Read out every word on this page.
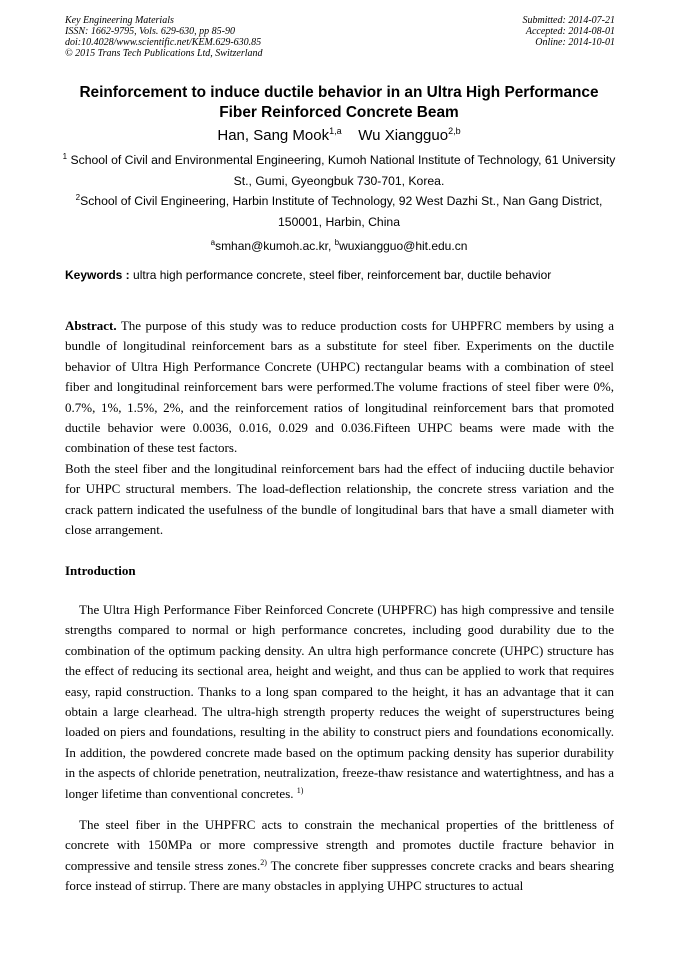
Key Engineering Materials
ISSN: 1662-9795, Vols. 629-630, pp 85-90
doi:10.4028/www.scientific.net/KEM.629-630.85
© 2015 Trans Tech Publications Ltd, Switzerland
Submitted: 2014-07-21
Accepted: 2014-08-01
Online: 2014-10-01
Reinforcement to induce ductile behavior in an Ultra High Performance
Fiber Reinforced Concrete Beam
Han, Sang Mook$^{1,a}$ Wu Xiangguo$^{2,b}$
$^1$ School of Civil and Environmental Engineering, Kumoh National Institute of Technology, 61 University St., Gumi, Gyeongbuk 730-701, Korea.
$^2$School of Civil Engineering, Harbin Institute of Technology, 92 West Dazhi St., Nan Gang District, 150001, Harbin, China
$^a$smhan@kumoh.ac.kr, $^b$wuxiangguo@hit.edu.cn
Keywords : ultra high performance concrete, steel fiber, reinforcement bar, ductile behavior

Abstract. The purpose of this study was to reduce production costs for UHPFRC members by using a bundle of longitudinal reinforcement bars as a substitute for steel fiber. Experiments on the ductile behavior of Ultra High Performance Concrete (UHPC) rectangular beams with a combination of steel fiber and longitudinal reinforcement bars were performed.The volume fractions of steel fiber were 0%, 0.7%, 1%, 1.5%, 2%, and the reinforcement ratios of longitudinal reinforcement bars that promoted ductile behavior were 0.0036, 0.016, 0.029 and 0.036.Fifteen UHPC beams were made with the combination of these test factors.

Both the steel fiber and the longitudinal reinforcement bars had the effect of induciing ductile behavior for UHPC structural members. The load-deflection relationship, the concrete stress variation and the crack pattern indicated the usefulness of the bundle of longitudinal bars that have a small diameter with close arrangement.

Introduction

The Ultra High Performance Fiber Reinforced Concrete (UHPFRC) has high compressive and tensile strengths compared to normal or high performance concretes, including good durability due to the combination of the optimum packing density. An ultra high performance concrete (UHPC) structure has the effect of reducing its sectional area, height and weight, and thus can be applied to work that requires easy, rapid construction. Thanks to a long span compared to the height, it has an advantage that it can obtain a large clearhead. The ultra-high strength property reduces the weight of superstructures being loaded on piers and foundations, resulting in the ability to construct piers and foundations economically. In addition, the powdered concrete made based on the optimum packing density has superior durability in the aspects of chloride penetration, neutralization, freeze-thaw resistance and watertightness, and has a longer lifetime than conventional concretes. $^{1)}$

The steel fiber in the UHPFRC acts to constrain the mechanical properties of the brittleness of concrete with 150MPa or more compressive strength and promotes ductile fracture behavior in compressive and tensile stress zones.$^{2)}$ The concrete fiber suppresses concrete cracks and bears shearing force instead of stirrup. There are many obstacles in applying UHPC structures to actual
